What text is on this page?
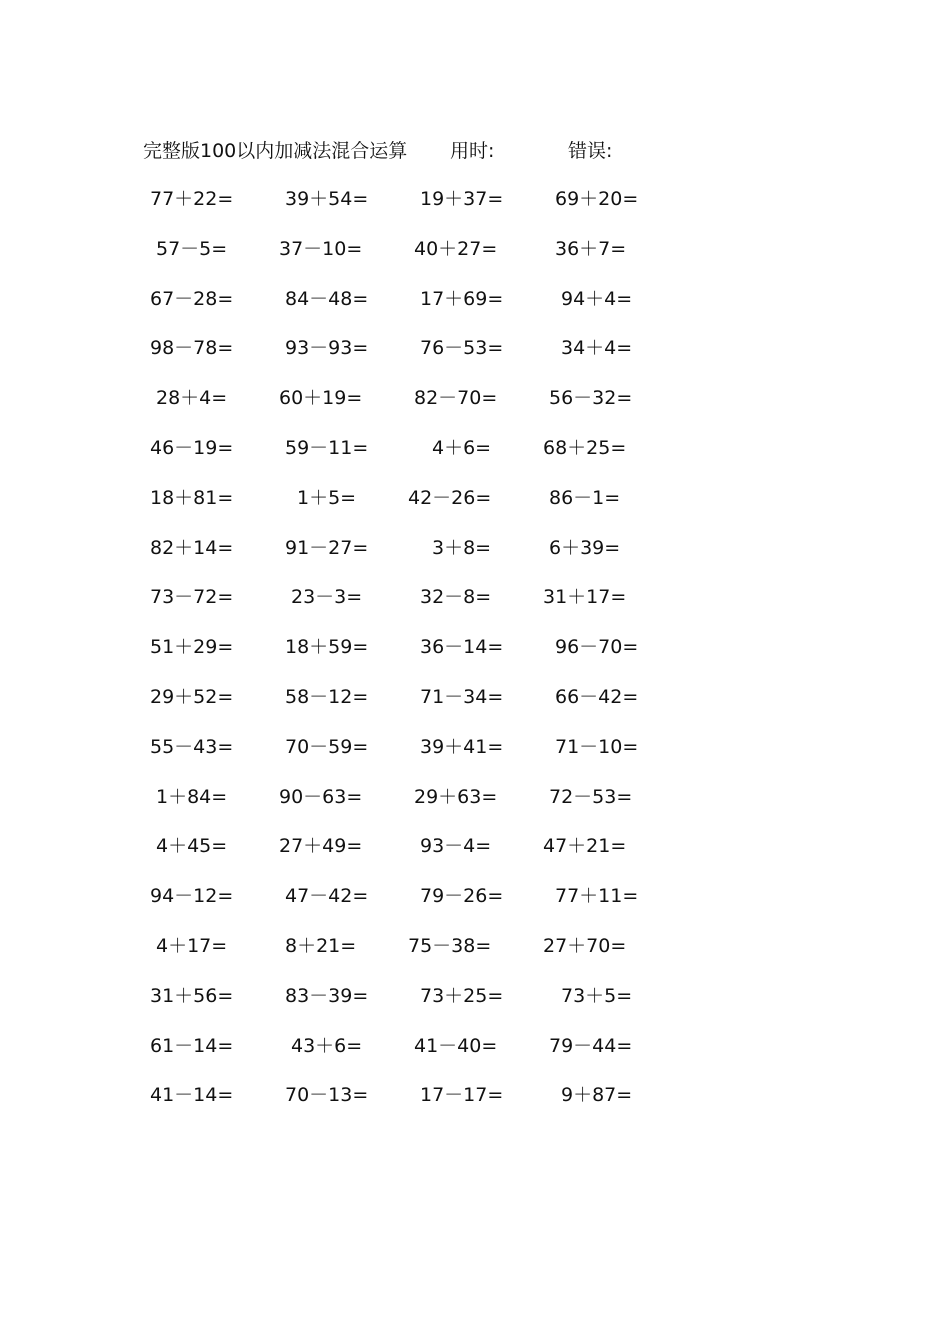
完整版100以内加减法混合运算 用时:	错误:
77＋22=	39＋54=	19＋37=	69＋20=
57－5=	37－10=	40＋27=	36＋7=
67－28=	84－48=	17＋69=	94＋4=
98－78=	93－93=	76－53=	34＋4=
28＋4=	60＋19=	82－70=	56－32=
46－19=	59－11=	4＋6=	68＋25=
18＋81=	1＋5=	42－26=	86－1=
82＋14=	91－27=	3＋8=	6＋39=
73－72=	23－3=	32－8=	31＋17=
51＋29=	18＋59=	36－14=	96－70=
29＋52=	58－12=	71－34=	66－42=
55－43=	70－59=	39＋41=	71－10=
1＋84=	90－63=	29＋63=	72－53=
4＋45=	27＋49=	93－4=	47＋21=
94－12=	47－42=	79－26=	77＋11=
4＋17=	8＋21=	75－38=	27＋70=
31＋56=	83－39=	73＋25=	73＋5=
61－14=	43＋6=	41－40=	79－44=
41－14=	70－13=	17－17=	9＋87=
